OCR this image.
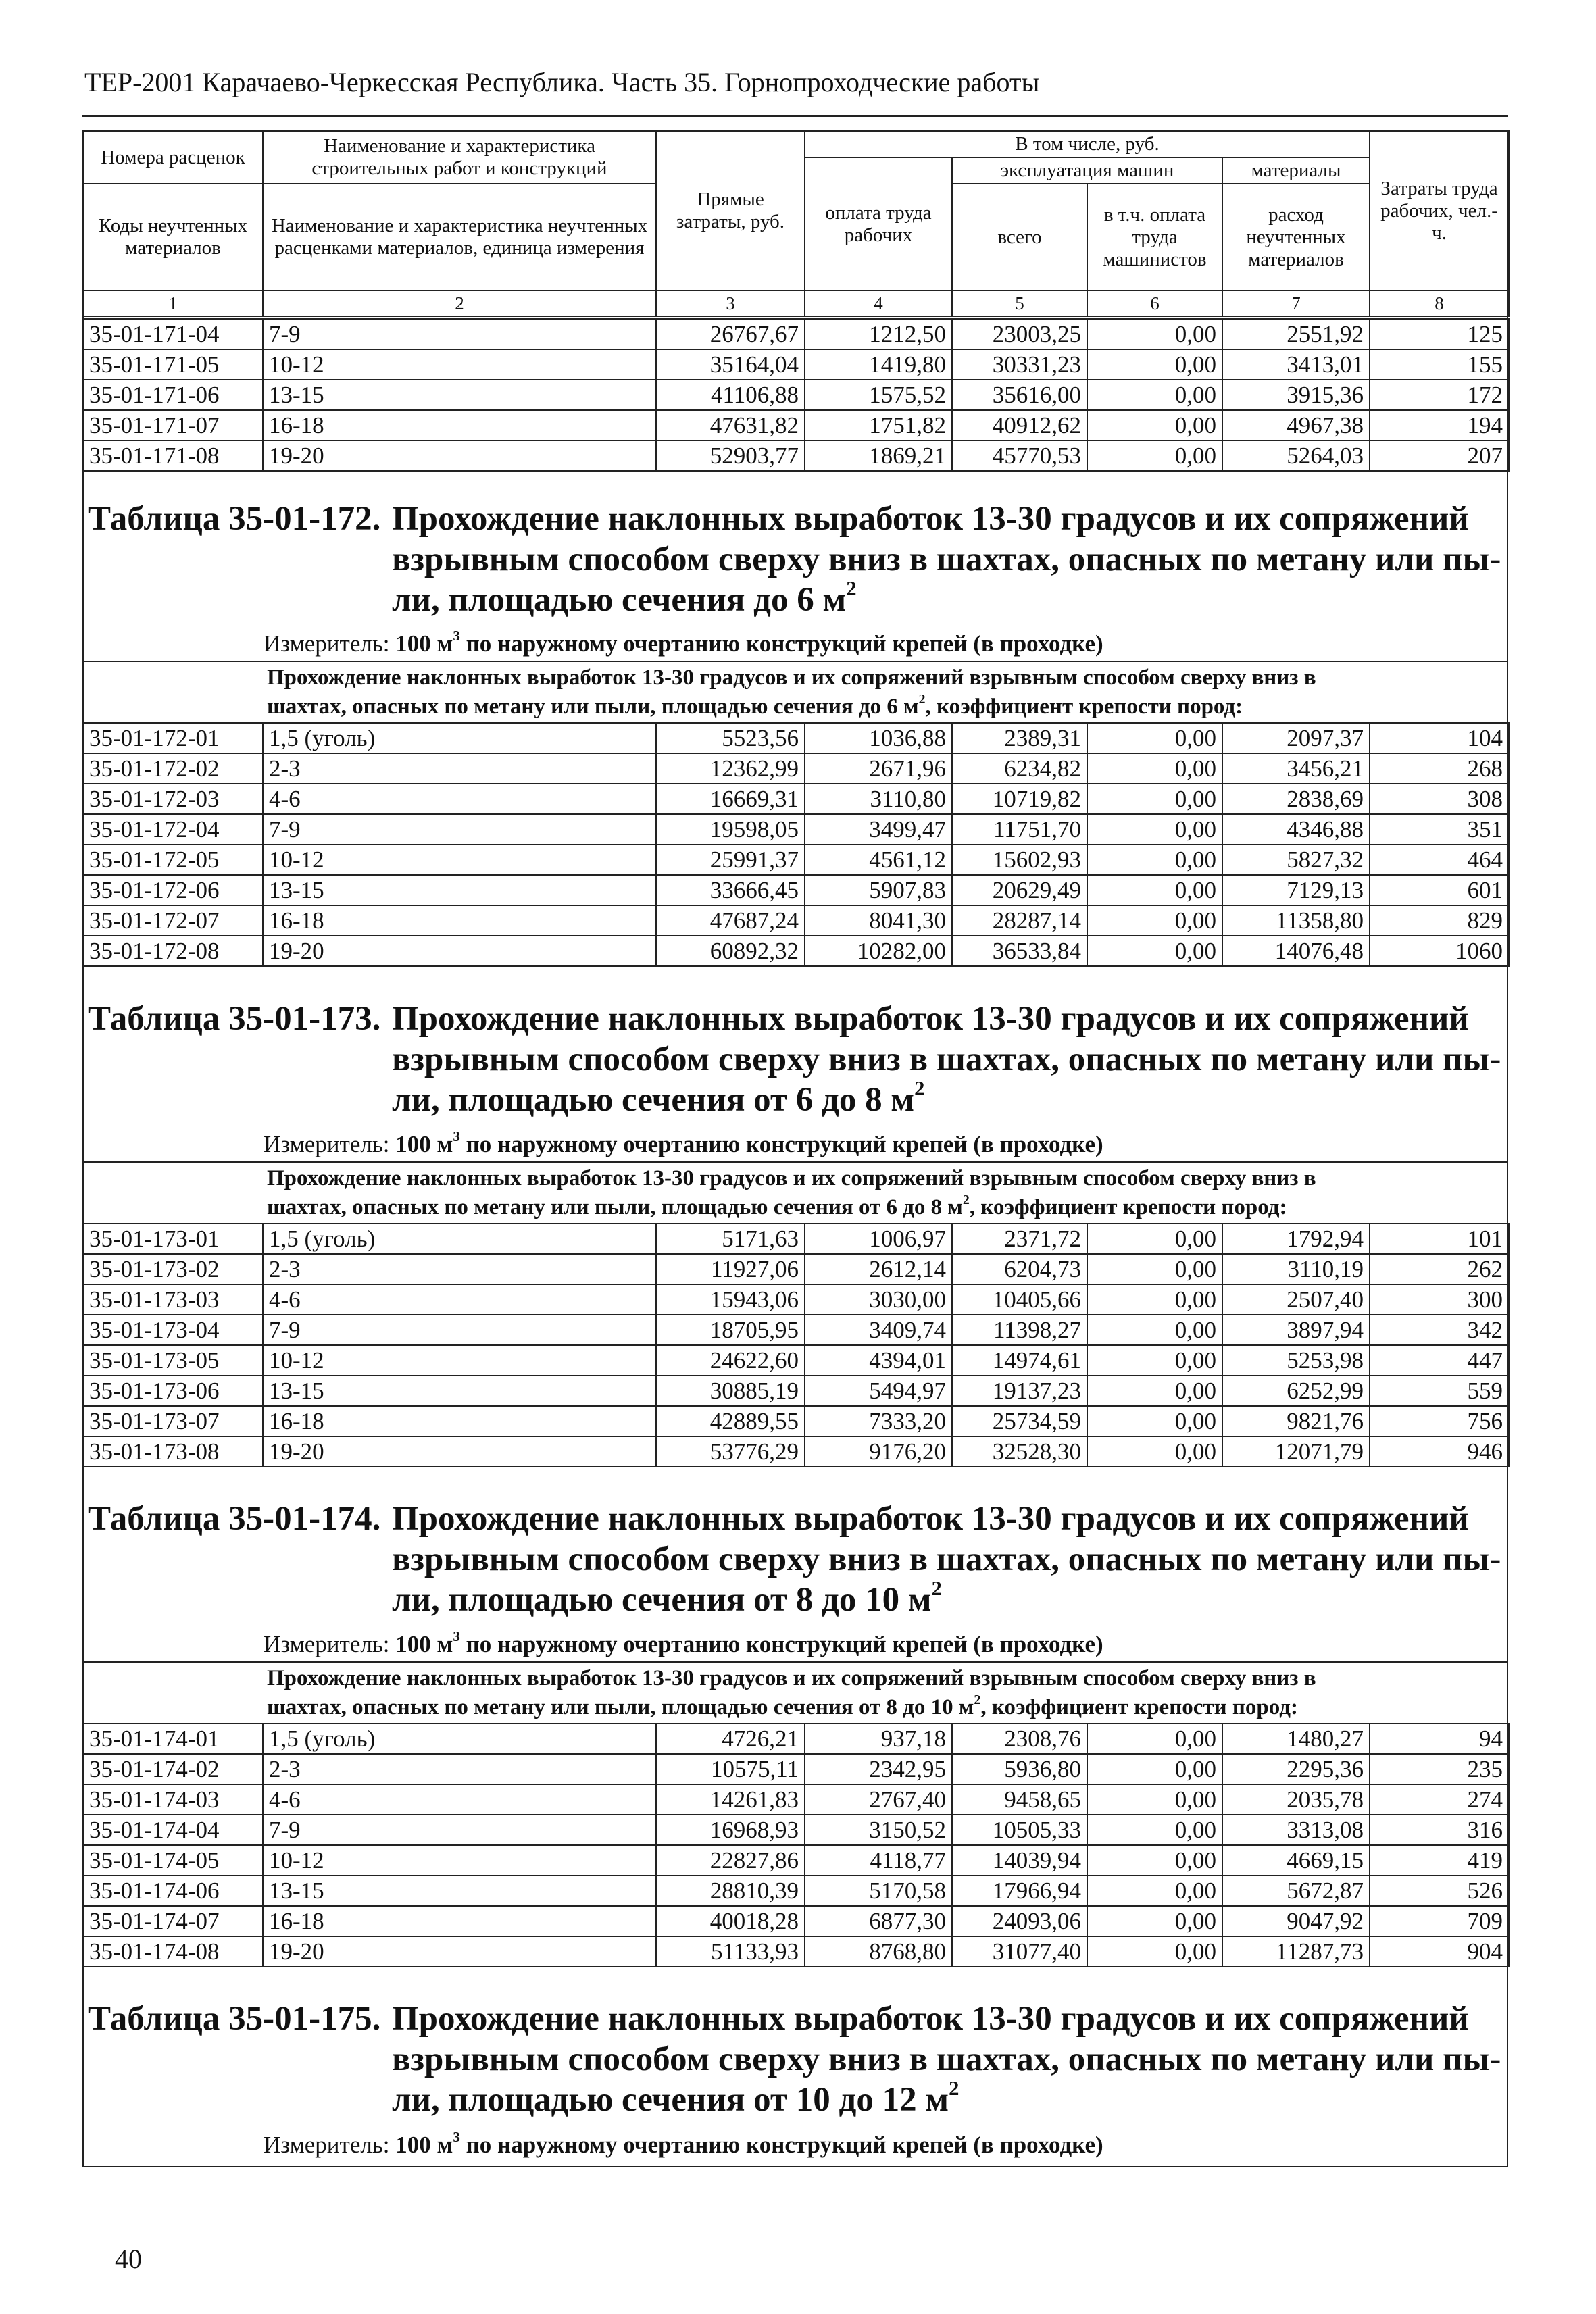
ТЕР-2001 Карачаево-Черкесская Республика. Часть 35. Горнопроходческие работы
Номера расценок	Наименование и характеристика строительных работ и конструкций	Прямые затраты, руб.	В том числе, руб.				Затраты труда рабочих, чел.-ч.
			оплата труда рабочих	эксплуатация машин		материалы	
Коды неучтенных материалов	Наименование и характеристика неучтенных расценками материалов, единица измерения			всего	в т.ч. оплата труда машинистов	расход неучтенных материалов	

1	2	3	4	5	6	7	8
35-01-171-04	7-9	26767,67	1212,50	23003,25	0,00	2551,92	125
35-01-171-05	10-12	35164,04	1419,80	30331,23	0,00	3413,01	155
35-01-171-06	13-15	41106,88	1575,52	35616,00	0,00	3915,36	172
35-01-171-07	16-18	47631,82	1751,82	40912,62	0,00	4967,38	194
35-01-171-08	19-20	52903,77	1869,21	45770,53	0,00	5264,03	207
Таблица 35-01-172. Прохождение наклонных выработок 13-30 градусов и их сопряжений
взрывным способом сверху вниз в шахтах, опасных по метану или пы-
ли, площадью сечения до 6 $м^2$
Измеритель: 100 $м^3$ по наружному очертанию конструкций крепей (в проходке)
Прохождение наклонных выработок 13-30 градусов и их сопряжений взрывным способом сверху вниз в
шахтах, опасных по метану или пыли, площадью сечения до 6 $м^2$, коэффициент крепости пород:
35-01-172-01	1,5 (уголь)	5523,56	1036,88	2389,31	0,00	2097,37	104
35-01-172-02	2-3	12362,99	2671,96	6234,82	0,00	3456,21	268
35-01-172-03	4-6	16669,31	3110,80	10719,82	0,00	2838,69	308
35-01-172-04	7-9	19598,05	3499,47	11751,70	0,00	4346,88	351
35-01-172-05	10-12	25991,37	4561,12	15602,93	0,00	5827,32	464
35-01-172-06	13-15	33666,45	5907,83	20629,49	0,00	7129,13	601
35-01-172-07	16-18	47687,24	8041,30	28287,14	0,00	11358,80	829
35-01-172-08	19-20	60892,32	10282,00	36533,84	0,00	14076,48	1060
Таблица 35-01-173. Прохождение наклонных выработок 13-30 градусов и их сопряжений
взрывным способом сверху вниз в шахтах, опасных по метану или пы-
ли, площадью сечения от 6 до 8 $м^2$
Измеритель: 100 $м^3$ по наружному очертанию конструкций крепей (в проходке)
Прохождение наклонных выработок 13-30 градусов и их сопряжений взрывным способом сверху вниз в
шахтах, опасных по метану или пыли, площадью сечения от 6 до 8 $м^2$, коэффициент крепости пород:
35-01-173-01	1,5 (уголь)	5171,63	1006,97	2371,72	0,00	1792,94	101
35-01-173-02	2-3	11927,06	2612,14	6204,73	0,00	3110,19	262
35-01-173-03	4-6	15943,06	3030,00	10405,66	0,00	2507,40	300
35-01-173-04	7-9	18705,95	3409,74	11398,27	0,00	3897,94	342
35-01-173-05	10-12	24622,60	4394,01	14974,61	0,00	5253,98	447
35-01-173-06	13-15	30885,19	5494,97	19137,23	0,00	6252,99	559
35-01-173-07	16-18	42889,55	7333,20	25734,59	0,00	9821,76	756
35-01-173-08	19-20	53776,29	9176,20	32528,30	0,00	12071,79	946
Таблица 35-01-174. Прохождение наклонных выработок 13-30 градусов и их сопряжений
взрывным способом сверху вниз в шахтах, опасных по метану или пы-
ли, площадью сечения от 8 до 10 $м^2$
Измеритель: 100 $м^3$ по наружному очертанию конструкций крепей (в проходке)
Прохождение наклонных выработок 13-30 градусов и их сопряжений взрывным способом сверху вниз в
шахтах, опасных по метану или пыли, площадью сечения от 8 до 10 $м^2$, коэффициент крепости пород:
35-01-174-01	1,5 (уголь)	4726,21	937,18	2308,76	0,00	1480,27	94
35-01-174-02	2-3	10575,11	2342,95	5936,80	0,00	2295,36	235
35-01-174-03	4-6	14261,83	2767,40	9458,65	0,00	2035,78	274
35-01-174-04	7-9	16968,93	3150,52	10505,33	0,00	3313,08	316
35-01-174-05	10-12	22827,86	4118,77	14039,94	0,00	4669,15	419
35-01-174-06	13-15	28810,39	5170,58	17966,94	0,00	5672,87	526
35-01-174-07	16-18	40018,28	6877,30	24093,06	0,00	9047,92	709
35-01-174-08	19-20	51133,93	8768,80	31077,40	0,00	11287,73	904
Таблица 35-01-175. Прохождение наклонных выработок 13-30 градусов и их сопряжений
взрывным способом сверху вниз в шахтах, опасных по метану или пы-
ли, площадью сечения от 10 до 12 $м^2$
Измеритель: 100 $м^3$ по наружному очертанию конструкций крепей (в проходке)
40
